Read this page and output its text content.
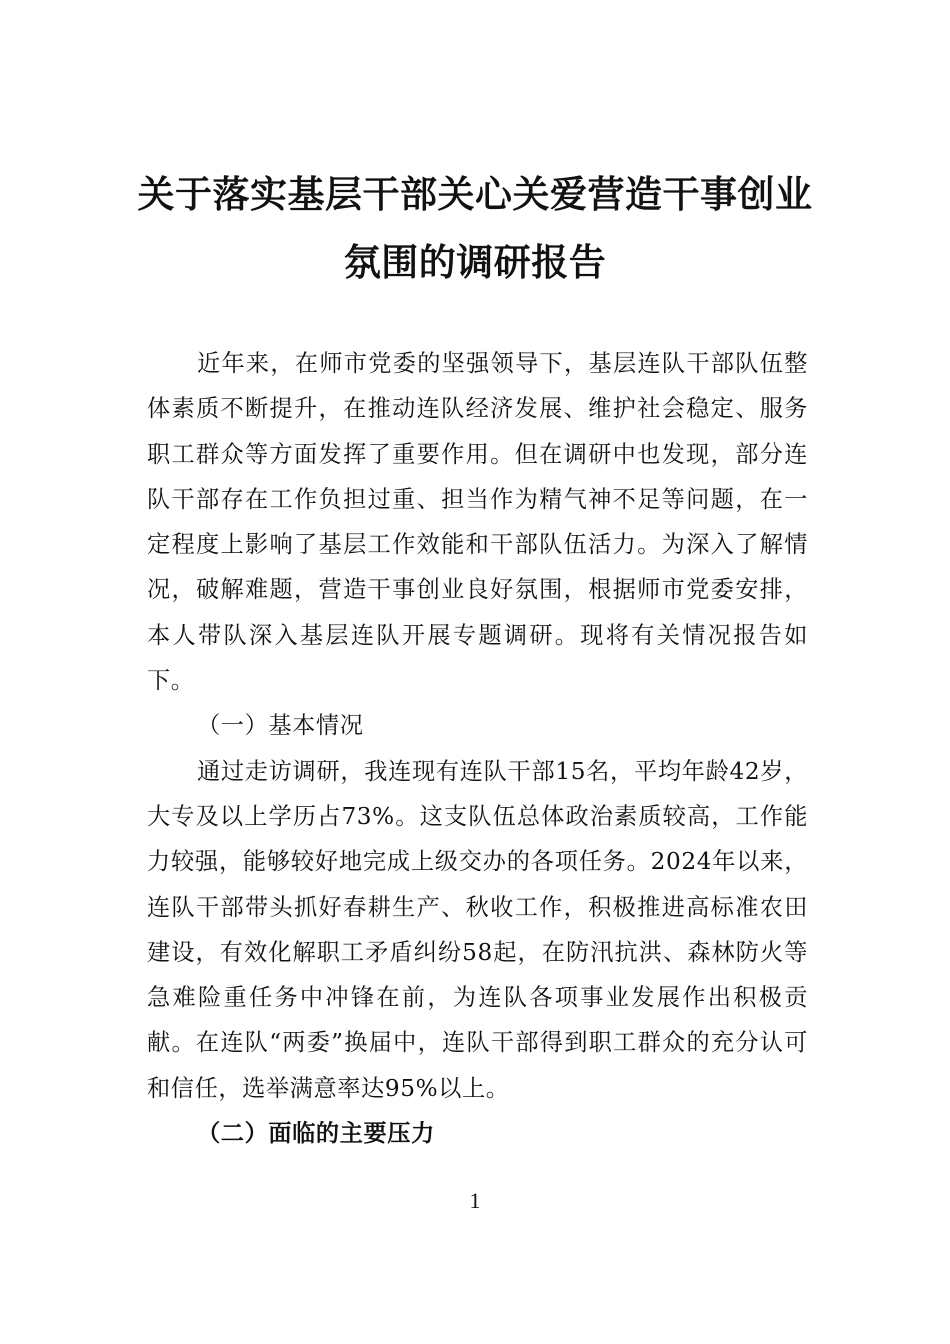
关于落实基层干部关心关爱营造干事创业
氛围的调研报告

近年来，在师市党委的坚强领导下，基层连队干部队伍整体素质不断提升，在推动连队经济发展、维护社会稳定、服务职工群众等方面发挥了重要作用。但在调研中也发现，部分连队干部存在工作负担过重、担当作为精气神不足等问题，在一定程度上影响了基层工作效能和干部队伍活力。为深入了解情况，破解难题，营造干事创业良好氛围，根据师市党委安排，本人带队深入基层连队开展专题调研。现将有关情况报告如下。

（一）基本情况

通过走访调研，我连现有连队干部15名，平均年龄42岁，大专及以上学历占73%。这支队伍总体政治素质较高，工作能力较强，能够较好地完成上级交办的各项任务。2024年以来，连队干部带头抓好春耕生产、秋收工作，积极推进高标准农田建设，有效化解职工矛盾纠纷58起，在防汛抗洪、森林防火等急难险重任务中冲锋在前，为连队各项事业发展作出积极贡献。在连队“两委”换届中，连队干部得到职工群众的充分认可和信任，选举满意率达95%以上。

（二）面临的主要压力

1
